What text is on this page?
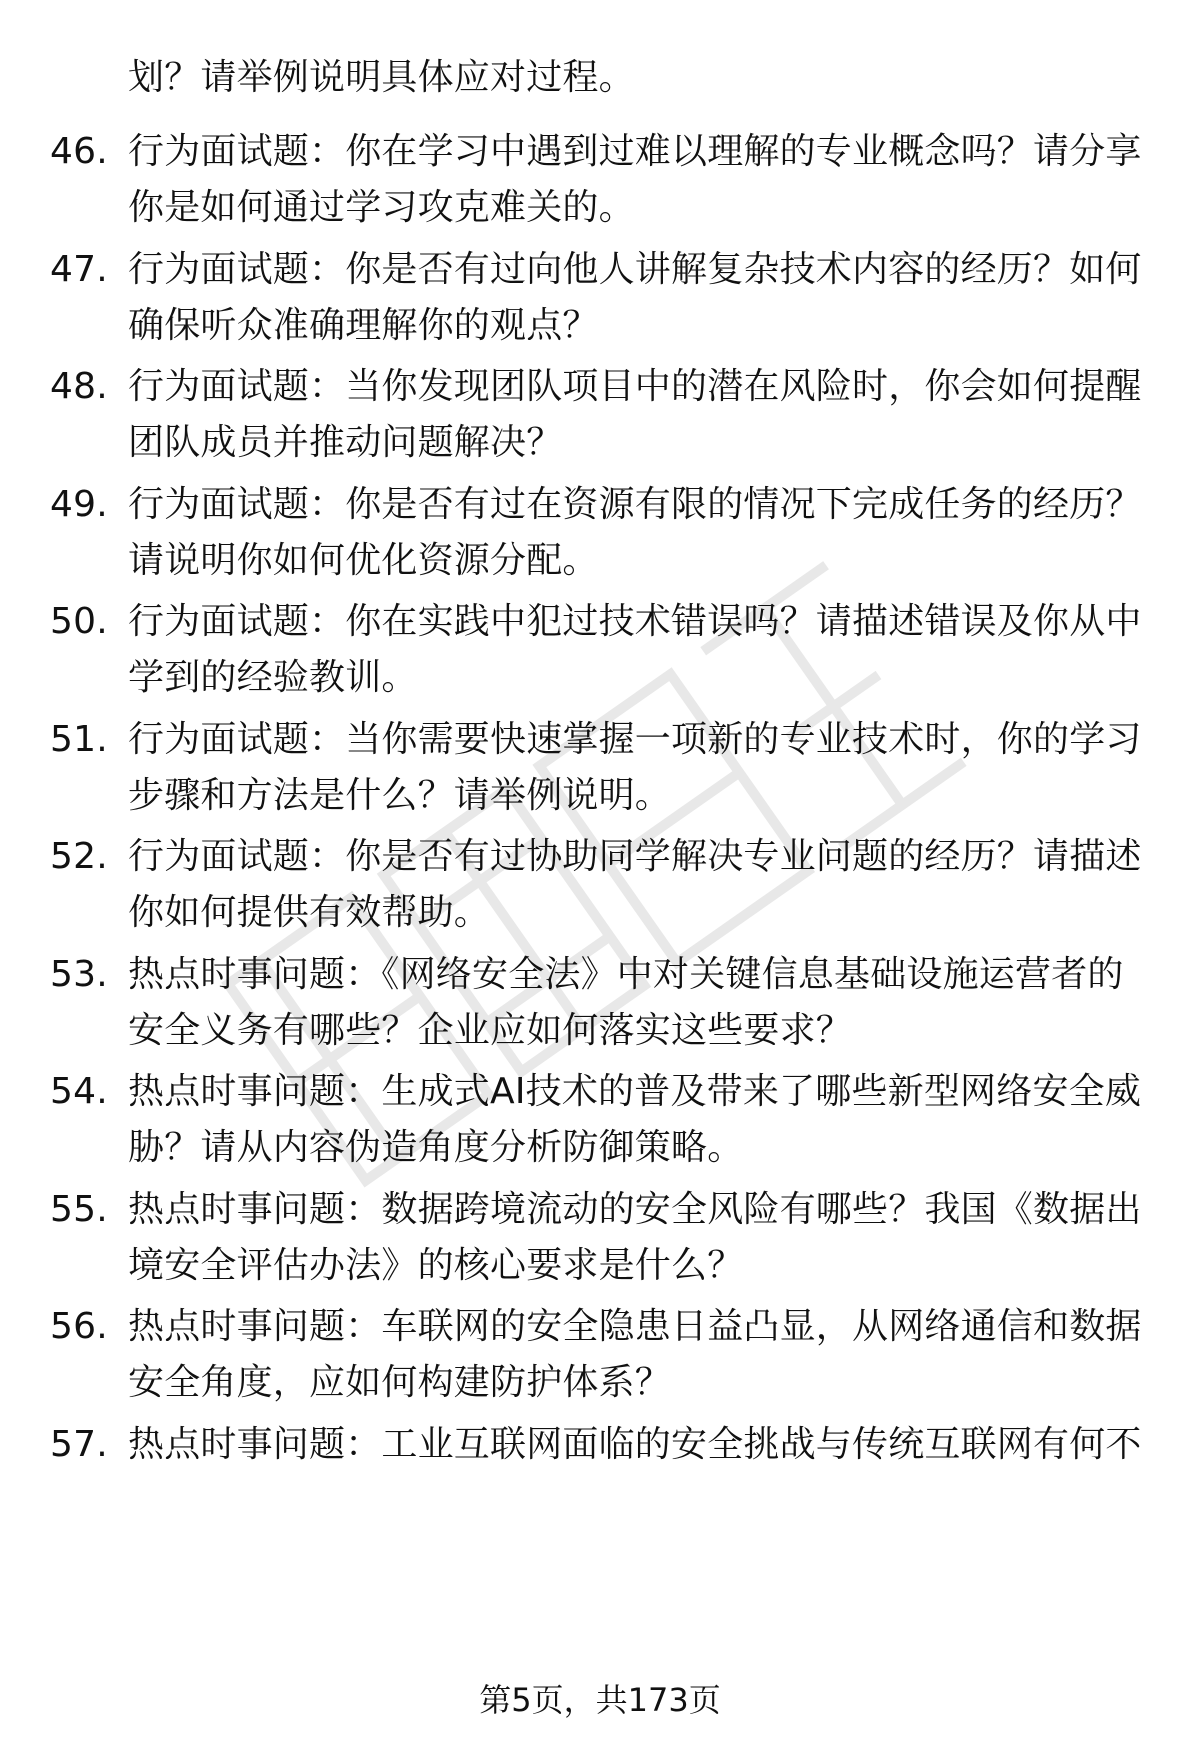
划？请举例说明具体应对过程。
46. 行为面试题：你在学习中遇到过难以理解的专业概念吗？请分享
你是如何通过学习攻克难关的。
47. 行为面试题：你是否有过向他人讲解复杂技术内容的经历？如何
确保听众准确理解你的观点？
48. 行为面试题：当你发现团队项目中的潜在风险时，你会如何提醒
团队成员并推动问题解决？
49. 行为面试题：你是否有过在资源有限的情况下完成任务的经历？
请说明你如何优化资源分配。
50. 行为面试题：你在实践中犯过技术错误吗？请描述错误及你从中
学到的经验教训。
51. 行为面试题：当你需要快速掌握一项新的专业技术时，你的学习
步骤和方法是什么？请举例说明。
52. 行为面试题：你是否有过协助同学解决专业问题的经历？请描述
你如何提供有效帮助。
53. 热点时事问题：《网络安全法》中对关键信息基础设施运营者的
安全义务有哪些？企业应如何落实这些要求？
54. 热点时事问题：生成式AI技术的普及带来了哪些新型网络安全威
胁？请从内容伪造角度分析防御策略。
55. 热点时事问题：数据跨境流动的安全风险有哪些？我国《数据出
境安全评估办法》的核心要求是什么？
56. 热点时事问题：车联网的安全隐患日益凸显，从网络通信和数据
安全角度，应如何构建防护体系？
57. 热点时事问题：工业互联网面临的安全挑战与传统互联网有何不
第5页，共173页
